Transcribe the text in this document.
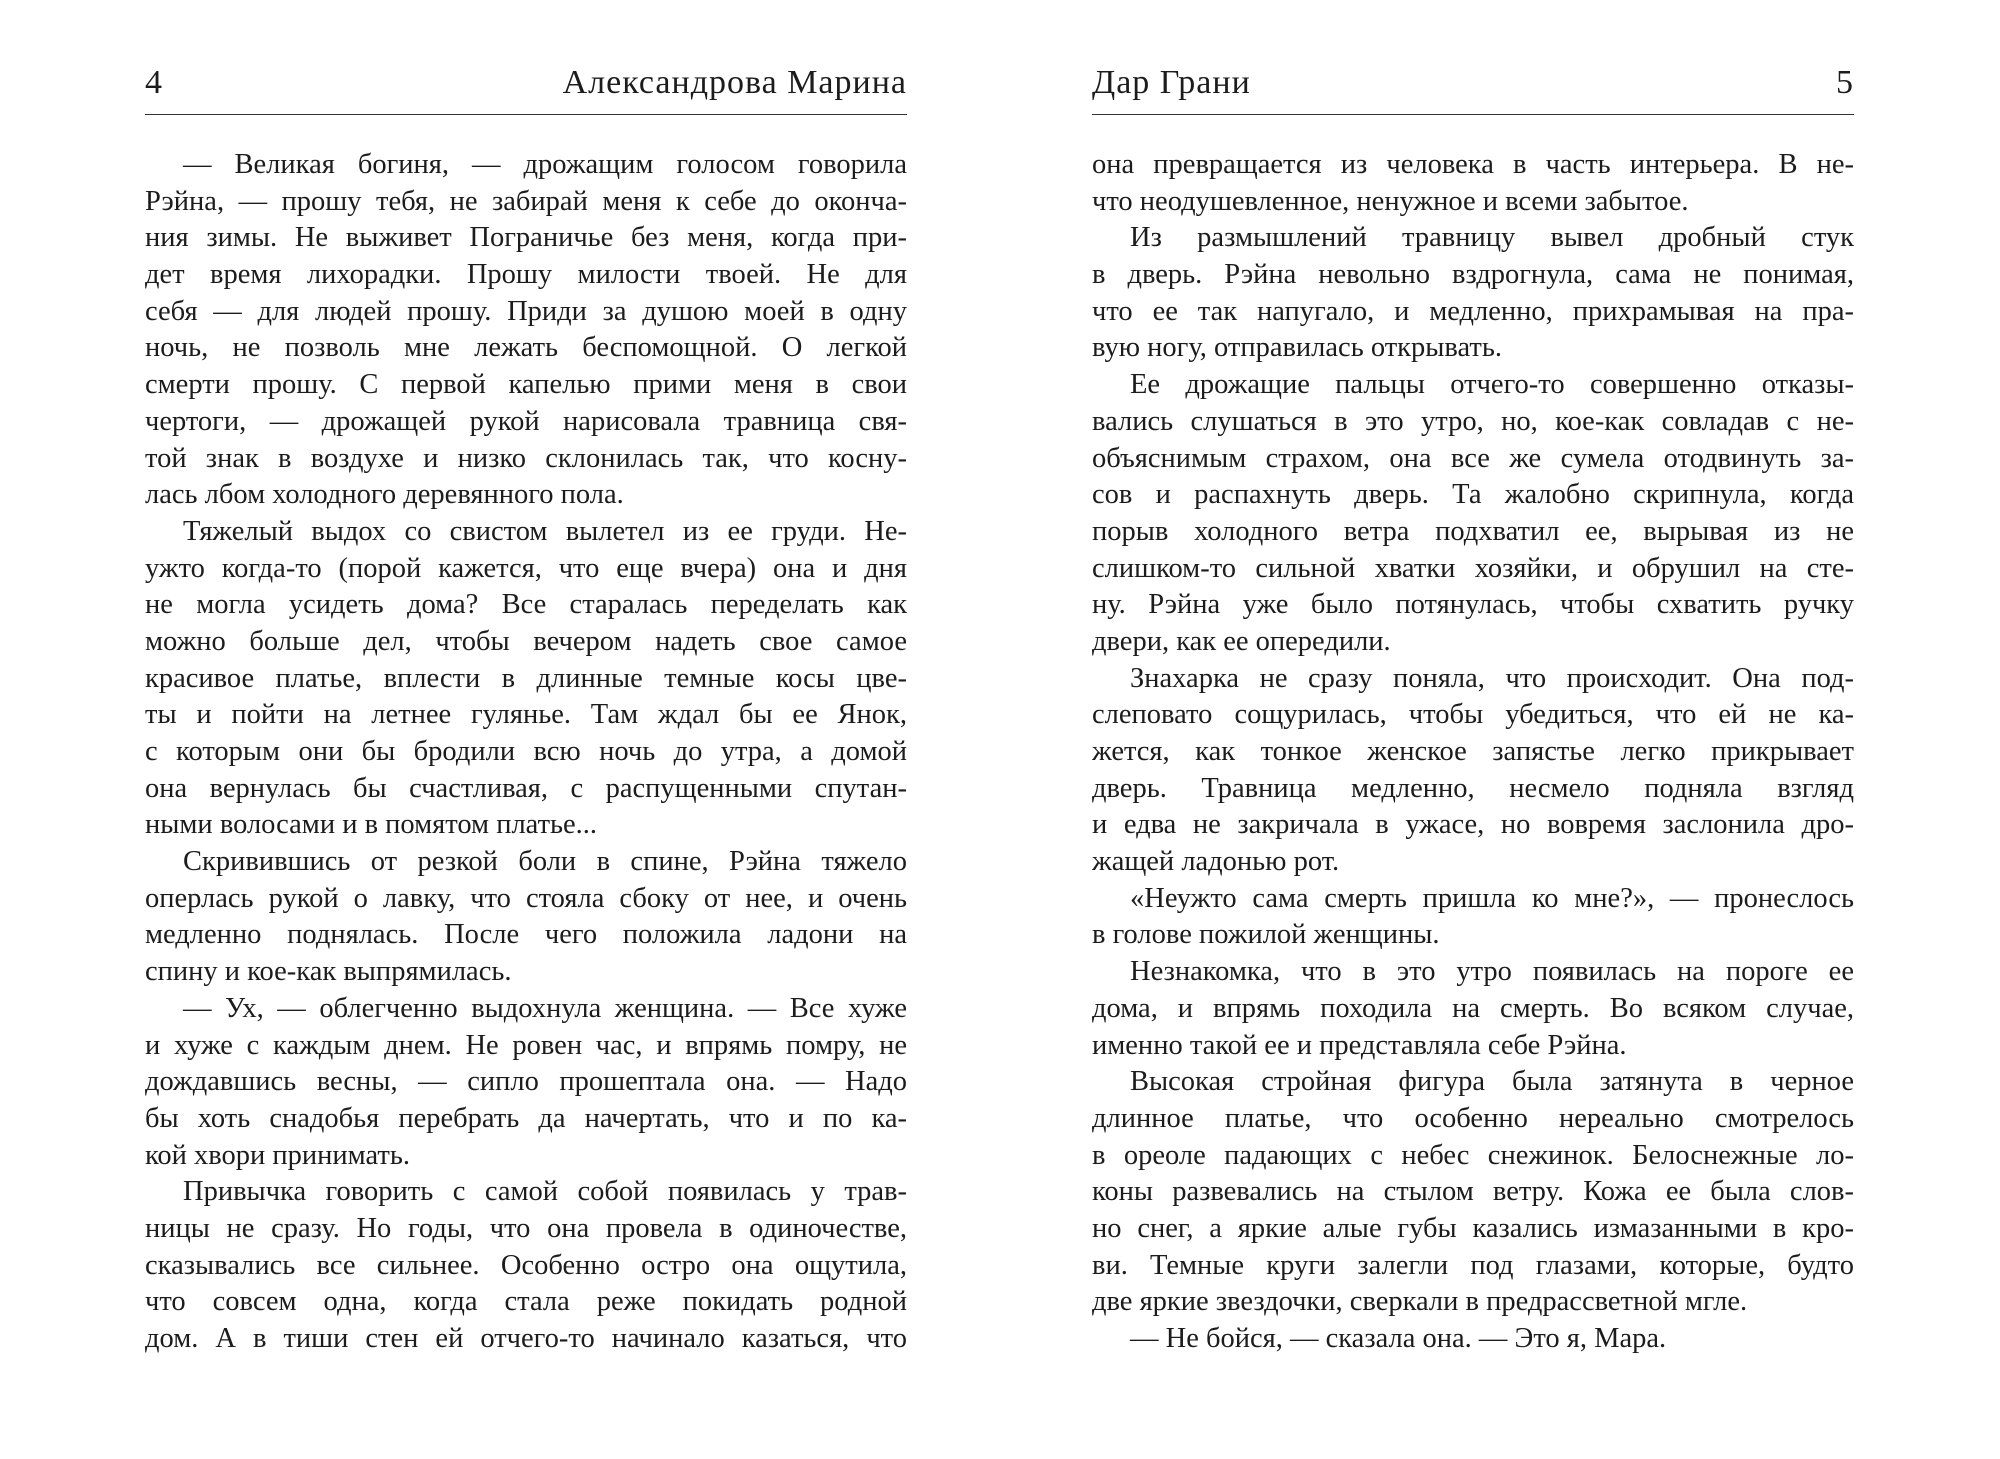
4	Александрова Марина
— Великая богиня, — дрожащим голосом говорила
Рэйна, — прошу тебя, не забирай меня к себе до оконча-
ния зимы. Не выживет Пограничье без меня, когда при-
дет время лихорадки. Прошу милости твоей. Не для
себя — для людей прошу. Приди за душою моей в одну
ночь, не позволь мне лежать беспомощной. О легкой
смерти прошу. С первой капелью прими меня в свои
чертоги, — дрожащей рукой нарисовала травница свя-
той знак в воздухе и низко склонилась так, что косну-
лась лбом холодного деревянного пола.
Тяжелый выдох со свистом вылетел из ее груди. Не-
ужто когда-то (порой кажется, что еще вчера) она и дня
не могла усидеть дома? Все старалась переделать как
можно больше дел, чтобы вечером надеть свое самое
красивое платье, вплести в длинные темные косы цве-
ты и пойти на летнее гулянье. Там ждал бы ее Янок,
с которым они бы бродили всю ночь до утра, а домой
она вернулась бы счастливая, с распущенными спутан-
ными волосами и в помятом платье...
Скривившись от резкой боли в спине, Рэйна тяжело
оперлась рукой о лавку, что стояла сбоку от нее, и очень
медленно поднялась. После чего положила ладони на
спину и кое-как выпрямилась.
— Ух, — облегченно выдохнула женщина. — Все хуже
и хуже с каждым днем. Не ровен час, и впрямь помру, не
дождавшись весны, — сипло прошептала она. — Надо
бы хоть снадобья перебрать да начертать, что и по ка-
кой хвори принимать.
Привычка говорить с самой собой появилась у трав-
ницы не сразу. Но годы, что она провела в одиночестве,
сказывались все сильнее. Особенно остро она ощутила,
что совсем одна, когда стала реже покидать родной
дом. А в тиши стен ей отчего-то начинало казаться, что
Дар Грани	5
она превращается из человека в часть интерьера. В не-
что неодушевленное, ненужное и всеми забытое.
Из размышлений травницу вывел дробный стук
в дверь. Рэйна невольно вздрогнула, сама не понимая,
что ее так напугало, и медленно, прихрамывая на пра-
вую ногу, отправилась открывать.
Ее дрожащие пальцы отчего-то совершенно отказы-
вались слушаться в это утро, но, кое-как совладав с не-
объяснимым страхом, она все же сумела отодвинуть за-
сов и распахнуть дверь. Та жалобно скрипнула, когда
порыв холодного ветра подхватил ее, вырывая из не
слишком-то сильной хватки хозяйки, и обрушил на сте-
ну. Рэйна уже было потянулась, чтобы схватить ручку
двери, как ее опередили.
Знахарка не сразу поняла, что происходит. Она под-
слеповато сощурилась, чтобы убедиться, что ей не ка-
жется, как тонкое женское запястье легко прикрывает
дверь. Травница медленно, несмело подняла взгляд
и едва не закричала в ужасе, но вовремя заслонила дро-
жащей ладонью рот.
«Неужто сама смерть пришла ко мне?», — пронеслось
в голове пожилой женщины.
Незнакомка, что в это утро появилась на пороге ее
дома, и впрямь походила на смерть. Во всяком случае,
именно такой ее и представляла себе Рэйна.
Высокая стройная фигура была затянута в черное
длинное платье, что особенно нереально смотрелось
в ореоле падающих с небес снежинок. Белоснежные ло-
коны развевались на стылом ветру. Кожа ее была слов-
но снег, а яркие алые губы казались измазанными в кро-
ви. Темные круги залегли под глазами, которые, будто
две яркие звездочки, сверкали в предрассветной мгле.
— Не бойся, — сказала она. — Это я, Мара.
